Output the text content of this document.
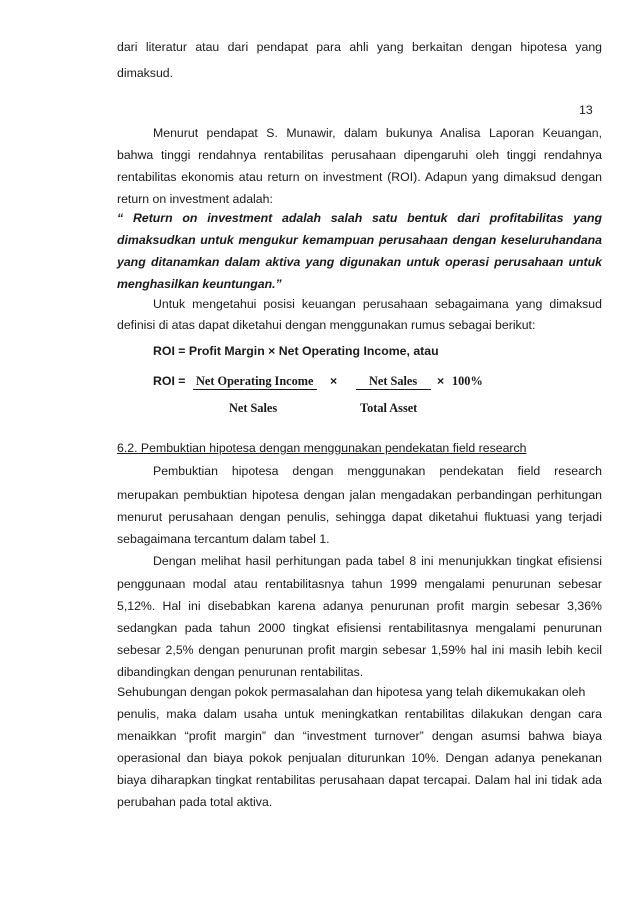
dari literatur atau dari pendapat para ahli yang berkaitan dengan hipotesa yang
dimaksud.
13
Menurut pendapat S. Munawir, dalam bukunya Analisa Laporan Keuangan,
bahwa tinggi rendahnya rentabilitas perusahaan dipengaruhi oleh tinggi rendahnya
rentabilitas ekonomis atau return on investment (ROI). Adapun yang dimaksud dengan
return on investment adalah:
“ Return on investment adalah salah satu bentuk dari profitabilitas yang
dimaksudkan untuk mengukur kemampuan perusahaan dengan keseluruhandana
yang ditanamkan dalam aktiva yang digunakan untuk operasi perusahaan untuk
menghasilkan keuntungan.”
Untuk mengetahui posisi keuangan perusahaan sebagaimana yang dimaksud
definisi di atas dapat diketahui dengan menggunakan rumus sebagai berikut:
ROI = Profit Margin × Net Operating Income, atau
ROI = Net Operating Income ×	Net Sales × 100%
Net Sales	Total Asset
6.2. Pembuktian hipotesa dengan menggunakan pendekatan field research
Pembuktian hipotesa dengan menggunakan pendekatan field research
merupakan pembuktian hipotesa dengan jalan mengadakan perbandingan perhitungan
menurut perusahaan dengan penulis, sehingga dapat diketahui fluktuasi yang terjadi
sebagaimana tercantum dalam tabel 1.
Dengan melihat hasil perhitungan pada tabel 8 ini menunjukkan tingkat efisiensi
penggunaan modal atau rentabilitasnya tahun 1999 mengalami penurunan sebesar
5,12%. Hal ini disebabkan karena adanya penurunan profit margin sebesar 3,36%
sedangkan pada tahun 2000 tingkat efisiensi rentabilitasnya mengalami penurunan
sebesar 2,5% dengan penurunan profit margin sebesar 1,59% hal ini masih lebih kecil
dibandingkan dengan penurunan rentabilitas.
Sehubungan dengan pokok permasalahan dan hipotesa yang telah dikemukakan oleh
penulis, maka dalam usaha untuk meningkatkan rentabilitas dilakukan dengan cara
menaikkan “profit margin” dan “investment turnover” dengan asumsi bahwa biaya
operasional dan biaya pokok penjualan diturunkan 10%. Dengan adanya penekanan
biaya diharapkan tingkat rentabilitas perusahaan dapat tercapai. Dalam hal ini tidak ada
perubahan pada total aktiva.
